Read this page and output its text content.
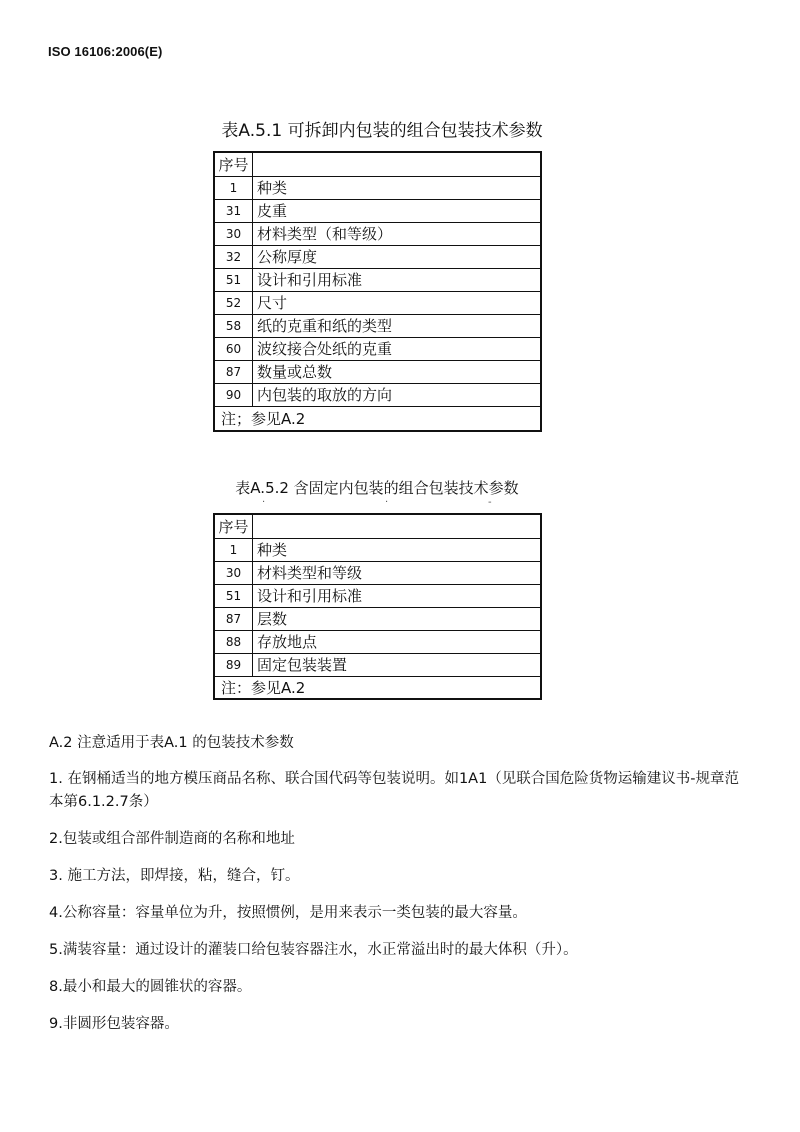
ISO 16106:2006(E)
表A.5.1 可拆卸内包装的组合包装技术参数
序号	
1	种类
31	皮重
30	材料类型（和等级）
32	公称厚度
51	设计和引用标准
52	尺寸
58	纸的克重和纸的类型
60	波纹接合处纸的克重
87	数量或总数
90	内包装的取放的方向
注；参见A.2	
表A.5.2 含固定内包装的组合包装技术参数
·	·	-
序号	
1	种类
30	材料类型和等级
51	设计和引用标准
87	层数
88	存放地点
89	固定包装装置
注：参见A.2	

A.2 注意适用于表A.1 的包装技术参数

1. 在钢桶适当的地方模压商品名称、联合国代码等包装说明。如1A1（见联合国危险货物运输建议书-规章范本第6.1.2.7条）

2.包装或组合部件制造商的名称和地址

3. 施工方法，即焊接，粘，缝合，钉。

4.公称容量：容量单位为升，按照惯例，是用来表示一类包装的最大容量。

5.满装容量：通过设计的灌装口给包装容器注水，水正常溢出时的最大体积（升）。

8.最小和最大的圆锥状的容器。

9.非圆形包装容器。
